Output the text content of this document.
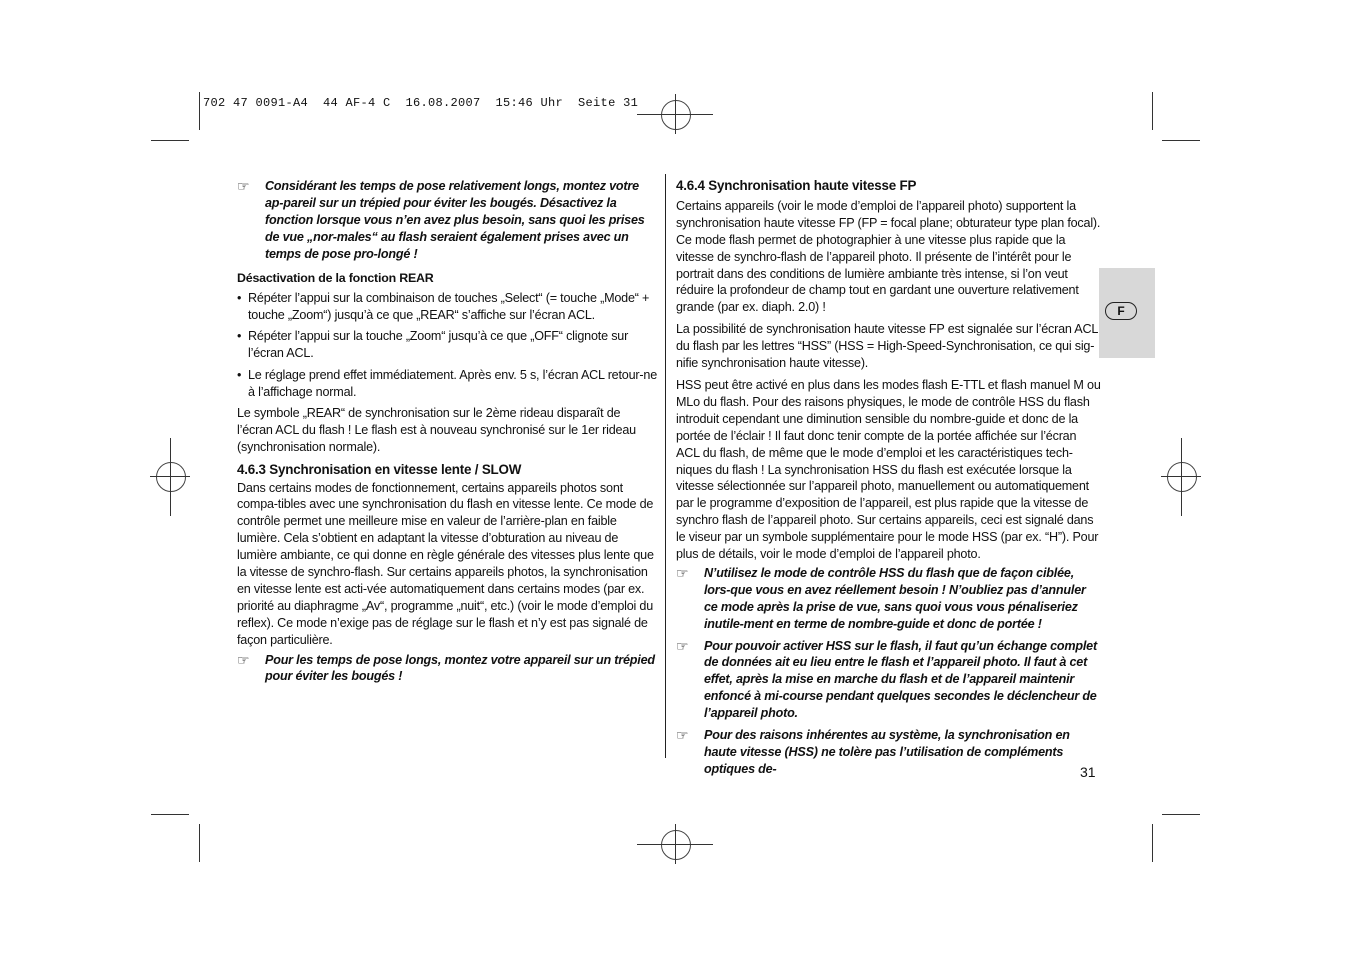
702 47 0091-A4  44 AF-4 C  16.08.2007  15:46 Uhr  Seite 31
F
☞ Considérant les temps de pose relativement longs, montez votre ap-pareil sur un trépied pour éviter les bougés. Désactivez la fonction lorsque vous n’en avez plus besoin, sans quoi les prises de vue „nor-males“ au flash seraient également prises avec un temps de pose pro-longé !
Désactivation de la fonction REAR
• Répéter l’appui sur la combinaison de touches „Select“ (= touche „Mode“ + touche „Zoom“) jusqu’à ce que „REAR“ s’affiche sur l’écran ACL.
• Répéter l’appui sur la touche „Zoom“ jusqu’à ce que „OFF“ clignote sur l’écran ACL.
• Le réglage prend effet immédiatement. Après env. 5 s, l’écran ACL retour-ne à l’affichage normal.

Le symbole „REAR“ de synchronisation sur le 2ème rideau disparaît de l’écran ACL du flash ! Le flash est à nouveau synchronisé sur le 1er rideau (synchronisation normale).

4.6.3 Synchronisation en vitesse lente / SLOW

Dans certains modes de fonctionnement, certains appareils photos sont compa-tibles avec une synchronisation du flash en vitesse lente. Ce mode de contrôle permet une meilleure mise en valeur de l’arrière-plan en faible lumière. Cela s’obtient en adaptant la vitesse d’obturation au niveau de lumière ambiante, ce qui donne en règle générale des vitesses plus lente que la vitesse de synchro-flash. Sur certains appareils photos, la synchronisation en vitesse lente est acti-vée automatiquement dans certains modes (par ex. priorité au diaphragme „Av“, programme „nuit“, etc.) (voir le mode d’emploi du reflex). Ce mode n’exige pas de réglage sur le flash et n’y est pas signalé de façon particulière.

☞ Pour les temps de pose longs, montez votre appareil sur un trépied pour éviter les bougés !
4.6.4 Synchronisation haute vitesse FP

Certains appareils (voir le mode d’emploi de l’appareil photo) supportent la synchronisation haute vitesse FP (FP = focal plane; obturateur type plan focal). Ce mode flash permet de photographier à une vitesse plus rapide que la vitesse de synchro-flash de l’appareil photo. Il présente de l’intérêt pour le portrait dans des conditions de lumière ambiante très intense, si l’on veut réduire la profondeur de champ tout en gardant une ouverture relativement grande (par ex. diaph. 2.0) !

La possibilité de synchronisation haute vitesse FP est signalée sur l’écran ACL du flash par les lettres “HSS” (HSS = High-Speed-Synchronisation, ce qui sig-nifie synchronisation haute vitesse).

HSS peut être activé en plus dans les modes flash E-TTL et flash manuel M ou MLo du flash. Pour des raisons physiques, le mode de contrôle HSS du flash introduit cependant une diminution sensible du nombre-guide et donc de la portée de l’éclair ! Il faut donc tenir compte de la portée affichée sur l’écran ACL du flash, de même que le mode d’emploi et les caractéristiques tech-niques du flash ! La synchronisation HSS du flash est exécutée lorsque la vitesse sélectionnée sur l’appareil photo, manuellement ou automatiquement par le programme d’exposition de l’appareil, est plus rapide que la vitesse de synchro flash de l’appareil photo. Sur certains appareils, ceci est signalé dans le viseur par un symbole supplémentaire pour le mode HSS (par ex. “H”). Pour plus de détails, voir le mode d’emploi de l’appareil photo.

☞ N’utilisez le mode de contrôle HSS du flash que de façon ciblée, lors-que vous en avez réellement besoin ! N’oubliez pas d’annuler ce mode après la prise de vue, sans quoi vous vous pénaliseriez inutile-ment en terme de nombre-guide et donc de portée !
☞ Pour pouvoir activer HSS sur le flash, il faut qu’un échange complet de données ait eu lieu entre le flash et l’appareil photo. Il faut à cet effet, après la mise en marche du flash et de l’appareil maintenir enfoncé à mi-course pendant quelques secondes le déclencheur de l’appareil photo.
☞ Pour des raisons inhérentes au système, la synchronisation en haute vitesse (HSS) ne tolère pas l’utilisation de compléments optiques de-	31
